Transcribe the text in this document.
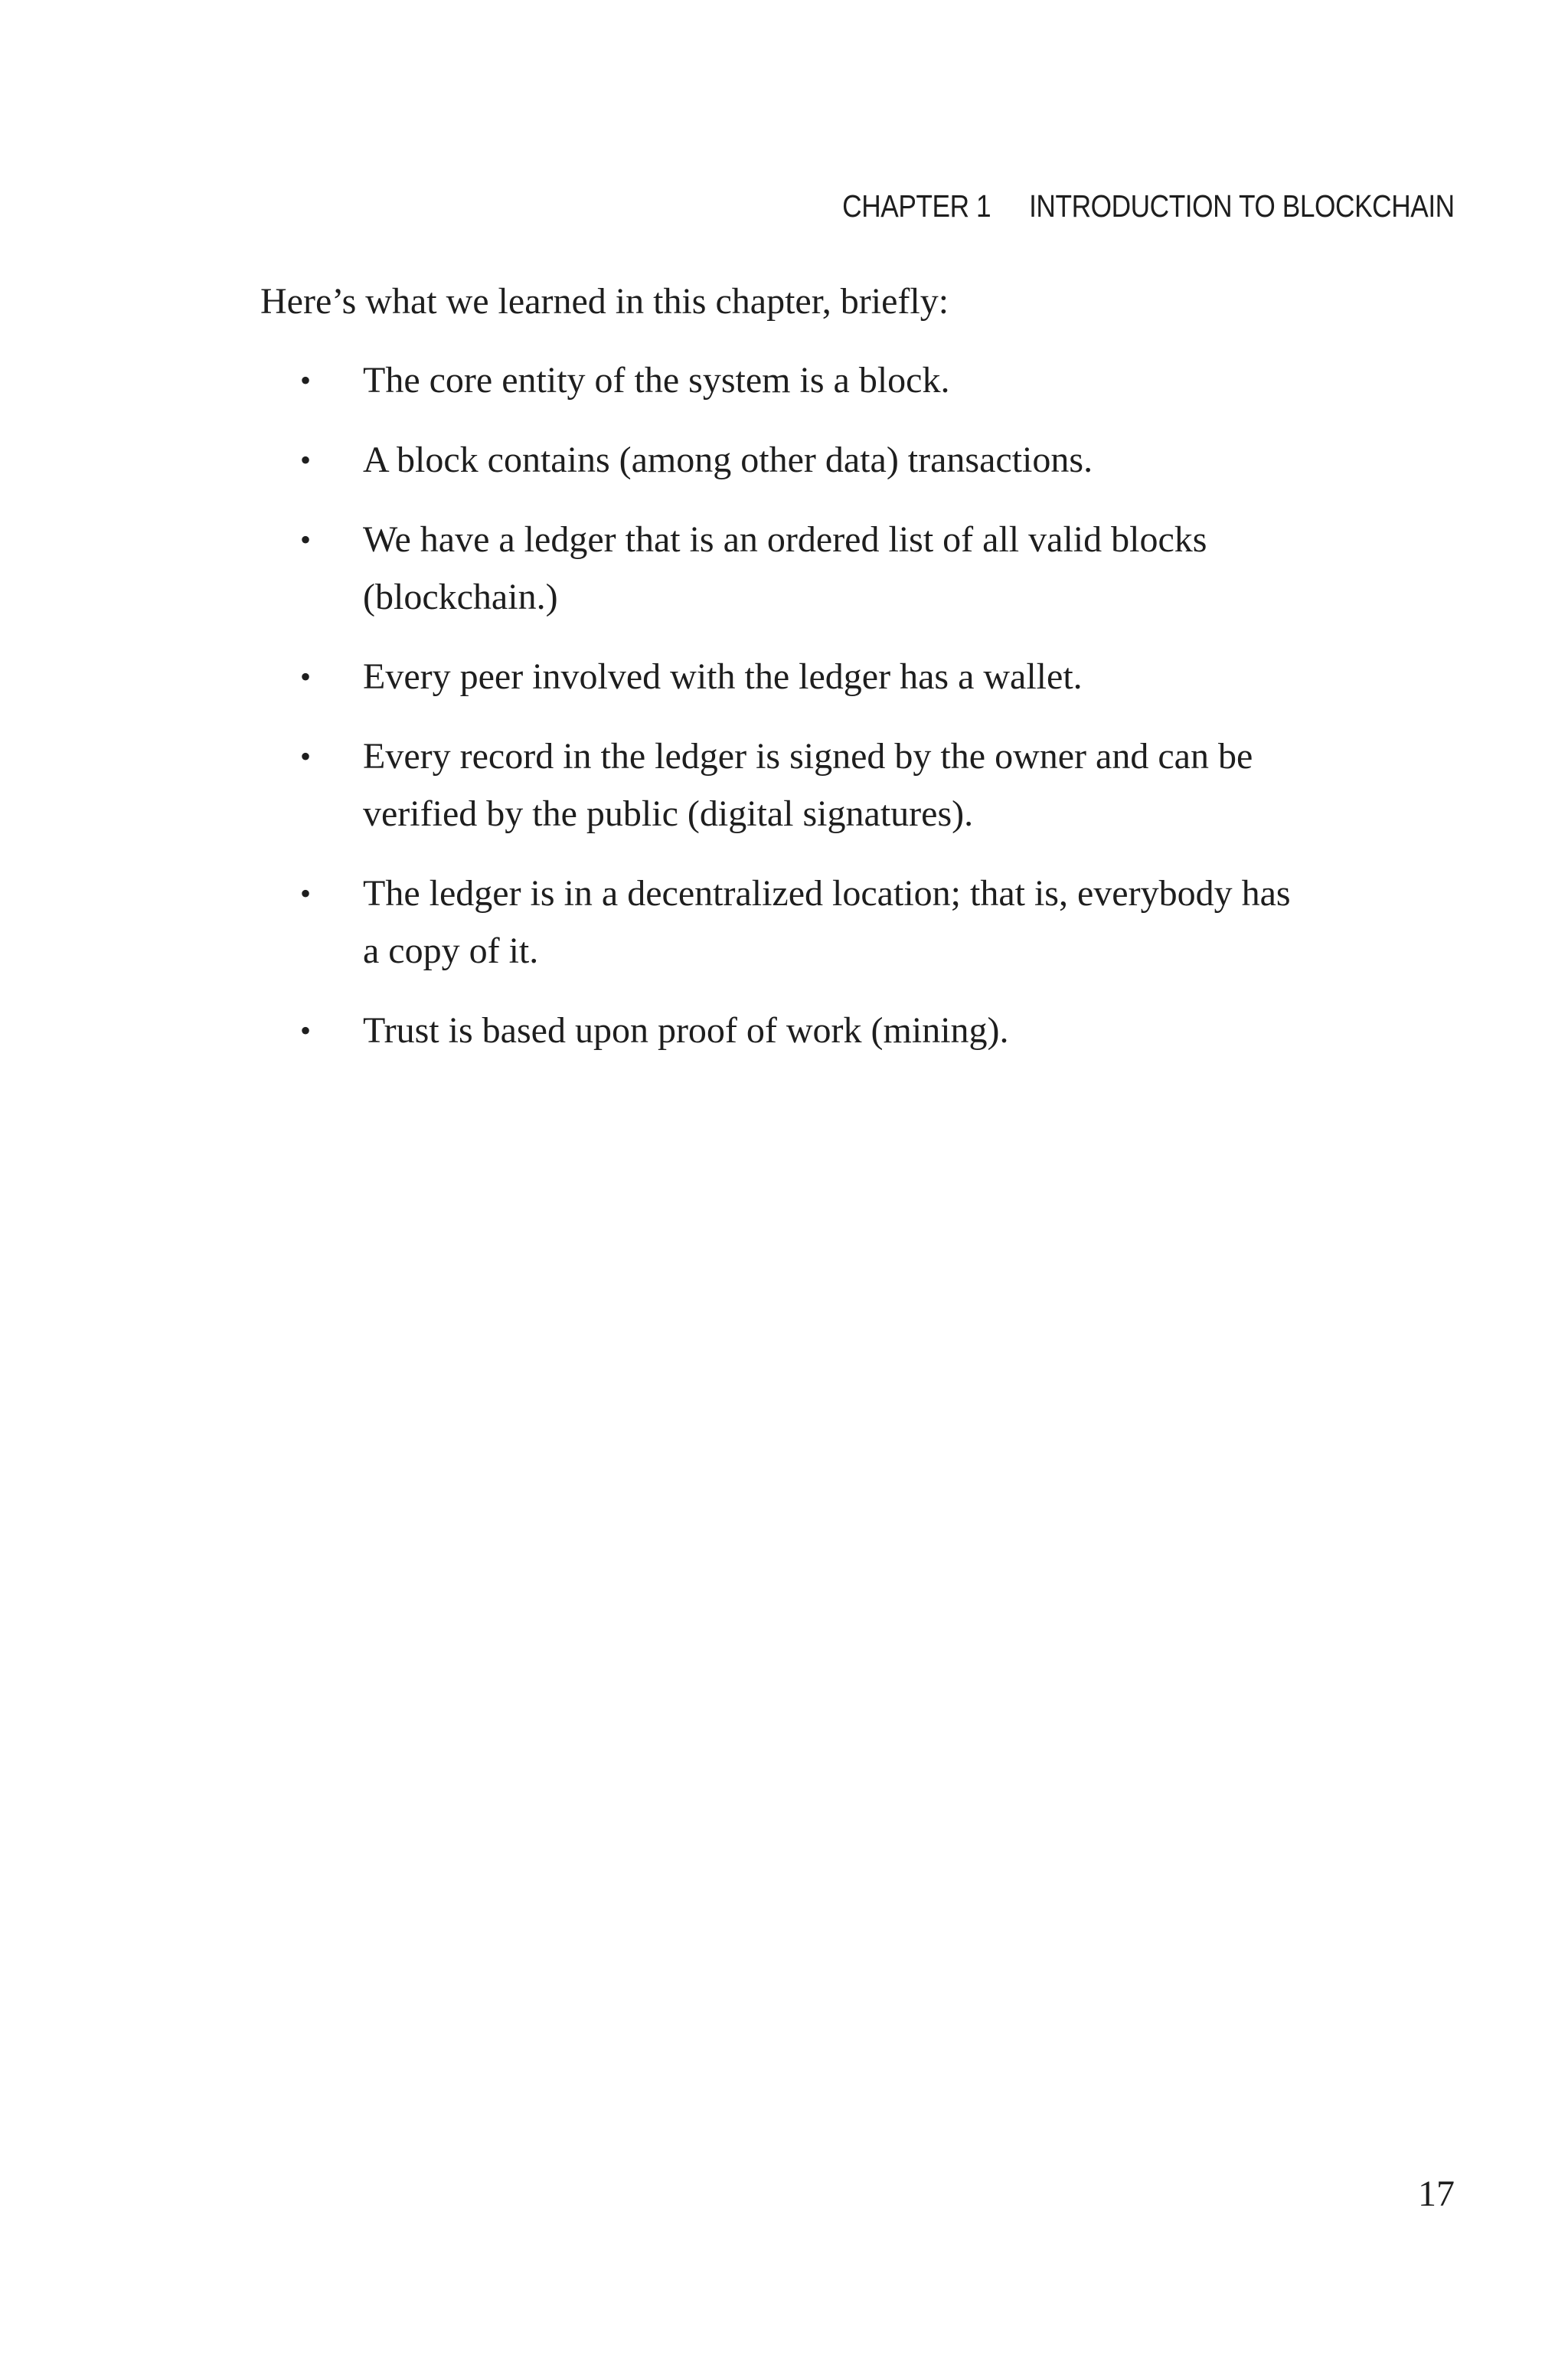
CHAPTER 1 INTRODUCTION TO BLOCKCHAIN

Here’s what we learned in this chapter, briefly:

• The core entity of the system is a block.
• A block contains (among other data) transactions.
• We have a ledger that is an ordered list of all valid blocks (blockchain.)
• Every peer involved with the ledger has a wallet.
• Every record in the ledger is signed by the owner and can be verified by the public (digital signatures).
• The ledger is in a decentralized location; that is, everybody has a copy of it.
• Trust is based upon proof of work (mining).
17
